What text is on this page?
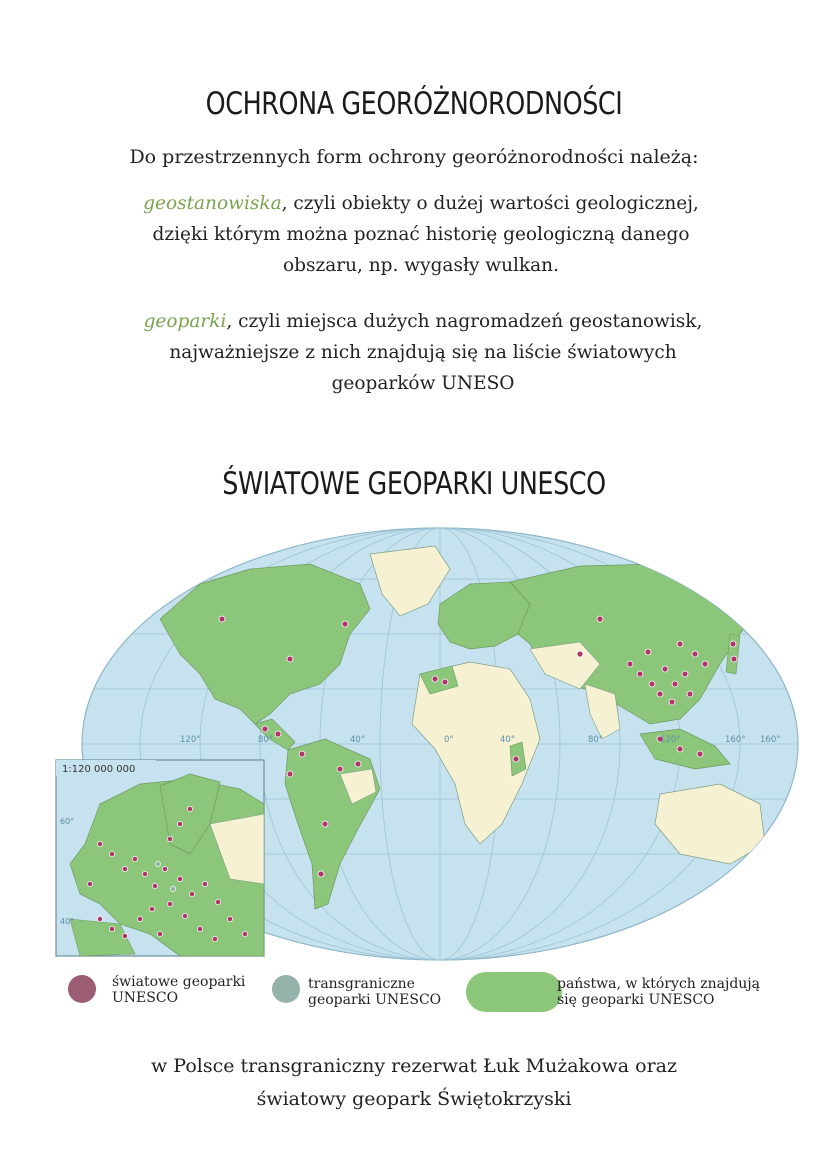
OCHRONA GEORÓŻNORODNOŚCI
Do przestrzennych form ochrony georóżnorodności należą:
geostanowiska, czyli obiekty o dużej wartości geologicznej,
dzięki którym można poznać historię geologiczną danego
obszaru, np. wygasły wulkan.
geoparki, czyli miejsca dużych nagromadzeń geostanowisk,
najważniejsze z nich znajdują się na liście światowych
geoparków UNESO
ŚWIATOWE GEOPARKI UNESCO
120°	160°
80°	40°	0°	40°	80°	120°	160°
1:120 000 000
60°
40°
światowe geoparki
UNESCO
transgraniczne
geoparki UNESCO
państwa, w których znajdują
się geoparki UNESCO
w Polsce transgraniczny rezerwat Łuk Mużakowa oraz
światowy geopark Świętokrzyski
